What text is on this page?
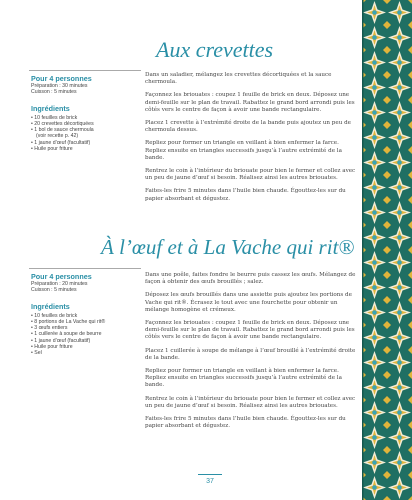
Aux crevettes
Pour 4 personnes
Préparation : 30 minutes
Cuisson : 5 minutes
Ingrédients
• 10 feuilles de brick
• 20 crevettes décortiquées
• 1 bol de sauce chermoula
(voir recette p. 42)
• 1 jaune d’œuf (facultatif)
• Huile pour friture

Dans un saladier, mélangez les crevettes décortiquées et la sauce chermoula.

Façonnez les briouates : coupez 1 feuille de brick en deux. Déposez une demi-feuille sur le plan de travail. Rabattez le grand bord arrondi puis les côtés vers le centre de façon à avoir une bande rectangulaire.

Placez 1 crevette à l’extrémité droite de la bande puis ajoutez un peu de chermoula dessus.

Repliez pour former un triangle en veillant à bien enfermer la farce. Repliez ensuite en triangles successifs jusqu’à l’autre extrémité de la bande.

Rentrez le coin à l’intérieur du briouate pour bien le fermer et collez avec un peu de jaune d’œuf si besoin. Réalisez ainsi les autres briouates.

Faites-les frire 5 minutes dans l’huile bien chaude. Égouttez-les sur du papier absorbant et dégustez.

À l’œuf et à La Vache qui rit®
Pour 4 personnes
Préparation : 20 minutes
Cuisson : 5 minutes
Ingrédients
• 10 feuilles de brick
• 8 portions de La Vache qui rit®
• 3 œufs entiers
• 1 cuillerée à soupe de beurre
• 1 jaune d’œuf (facultatif)
• Huile pour friture
• Sel

Dans une poêle, faites fondre le beurre puis cassez les œufs. Mélangez de façon à obtenir des œufs brouillés ; salez.

Déposez les œufs brouillés dans une assiette puis ajoutez les portions de Vache qui rit®. Écrasez le tout avec une fourchette pour obtenir un mélange homogène et crémeux.

Façonnez les briouates : coupez 1 feuille de brick en deux. Déposez une demi-feuille sur le plan de travail. Rabattez le grand bord arrondi puis les côtés vers le centre de façon à avoir une bande rectangulaire.

Placez 1 cuillerée à soupe de mélange à l’œuf brouillé à l’extrémité droite de la bande.

Repliez pour former un triangle en veillant à bien enfermer la farce. Repliez ensuite en triangles successifs jusqu’à l’autre extrémité de la bande.

Rentrez le coin à l’intérieur du briouate pour bien le fermer et collez avec un peu de jaune d’œuf si besoin. Réalisez ainsi les autres briouates.

Faites-les frire 5 minutes dans l’huile bien chaude. Égouttez-les sur du papier absorbant et dégustez.

37
